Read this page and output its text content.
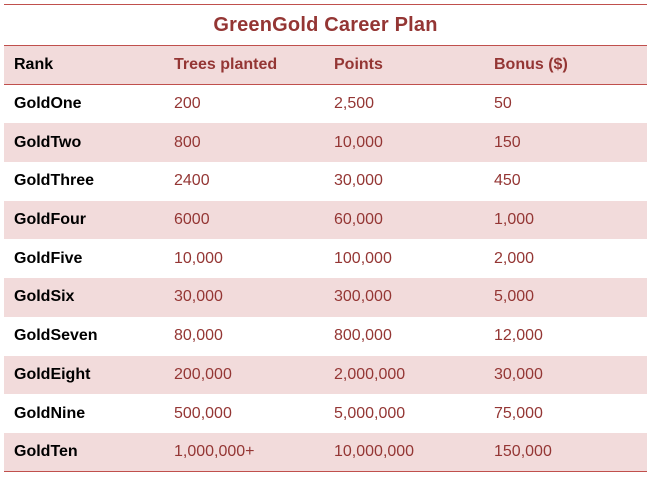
GreenGold Career Plan
Rank	Trees planted	Points	Bonus ($)
GoldOne	200	2,500	50
GoldTwo	800	10,000	150
GoldThree	2400	30,000	450
GoldFour	6000	60,000	1,000
GoldFive	10,000	100,000	2,000
GoldSix	30,000	300,000	5,000
GoldSeven	80,000	800,000	12,000
GoldEight	200,000	2,000,000	30,000
GoldNine	500,000	5,000,000	75,000
GoldTen	1,000,000+	10,000,000	150,000
